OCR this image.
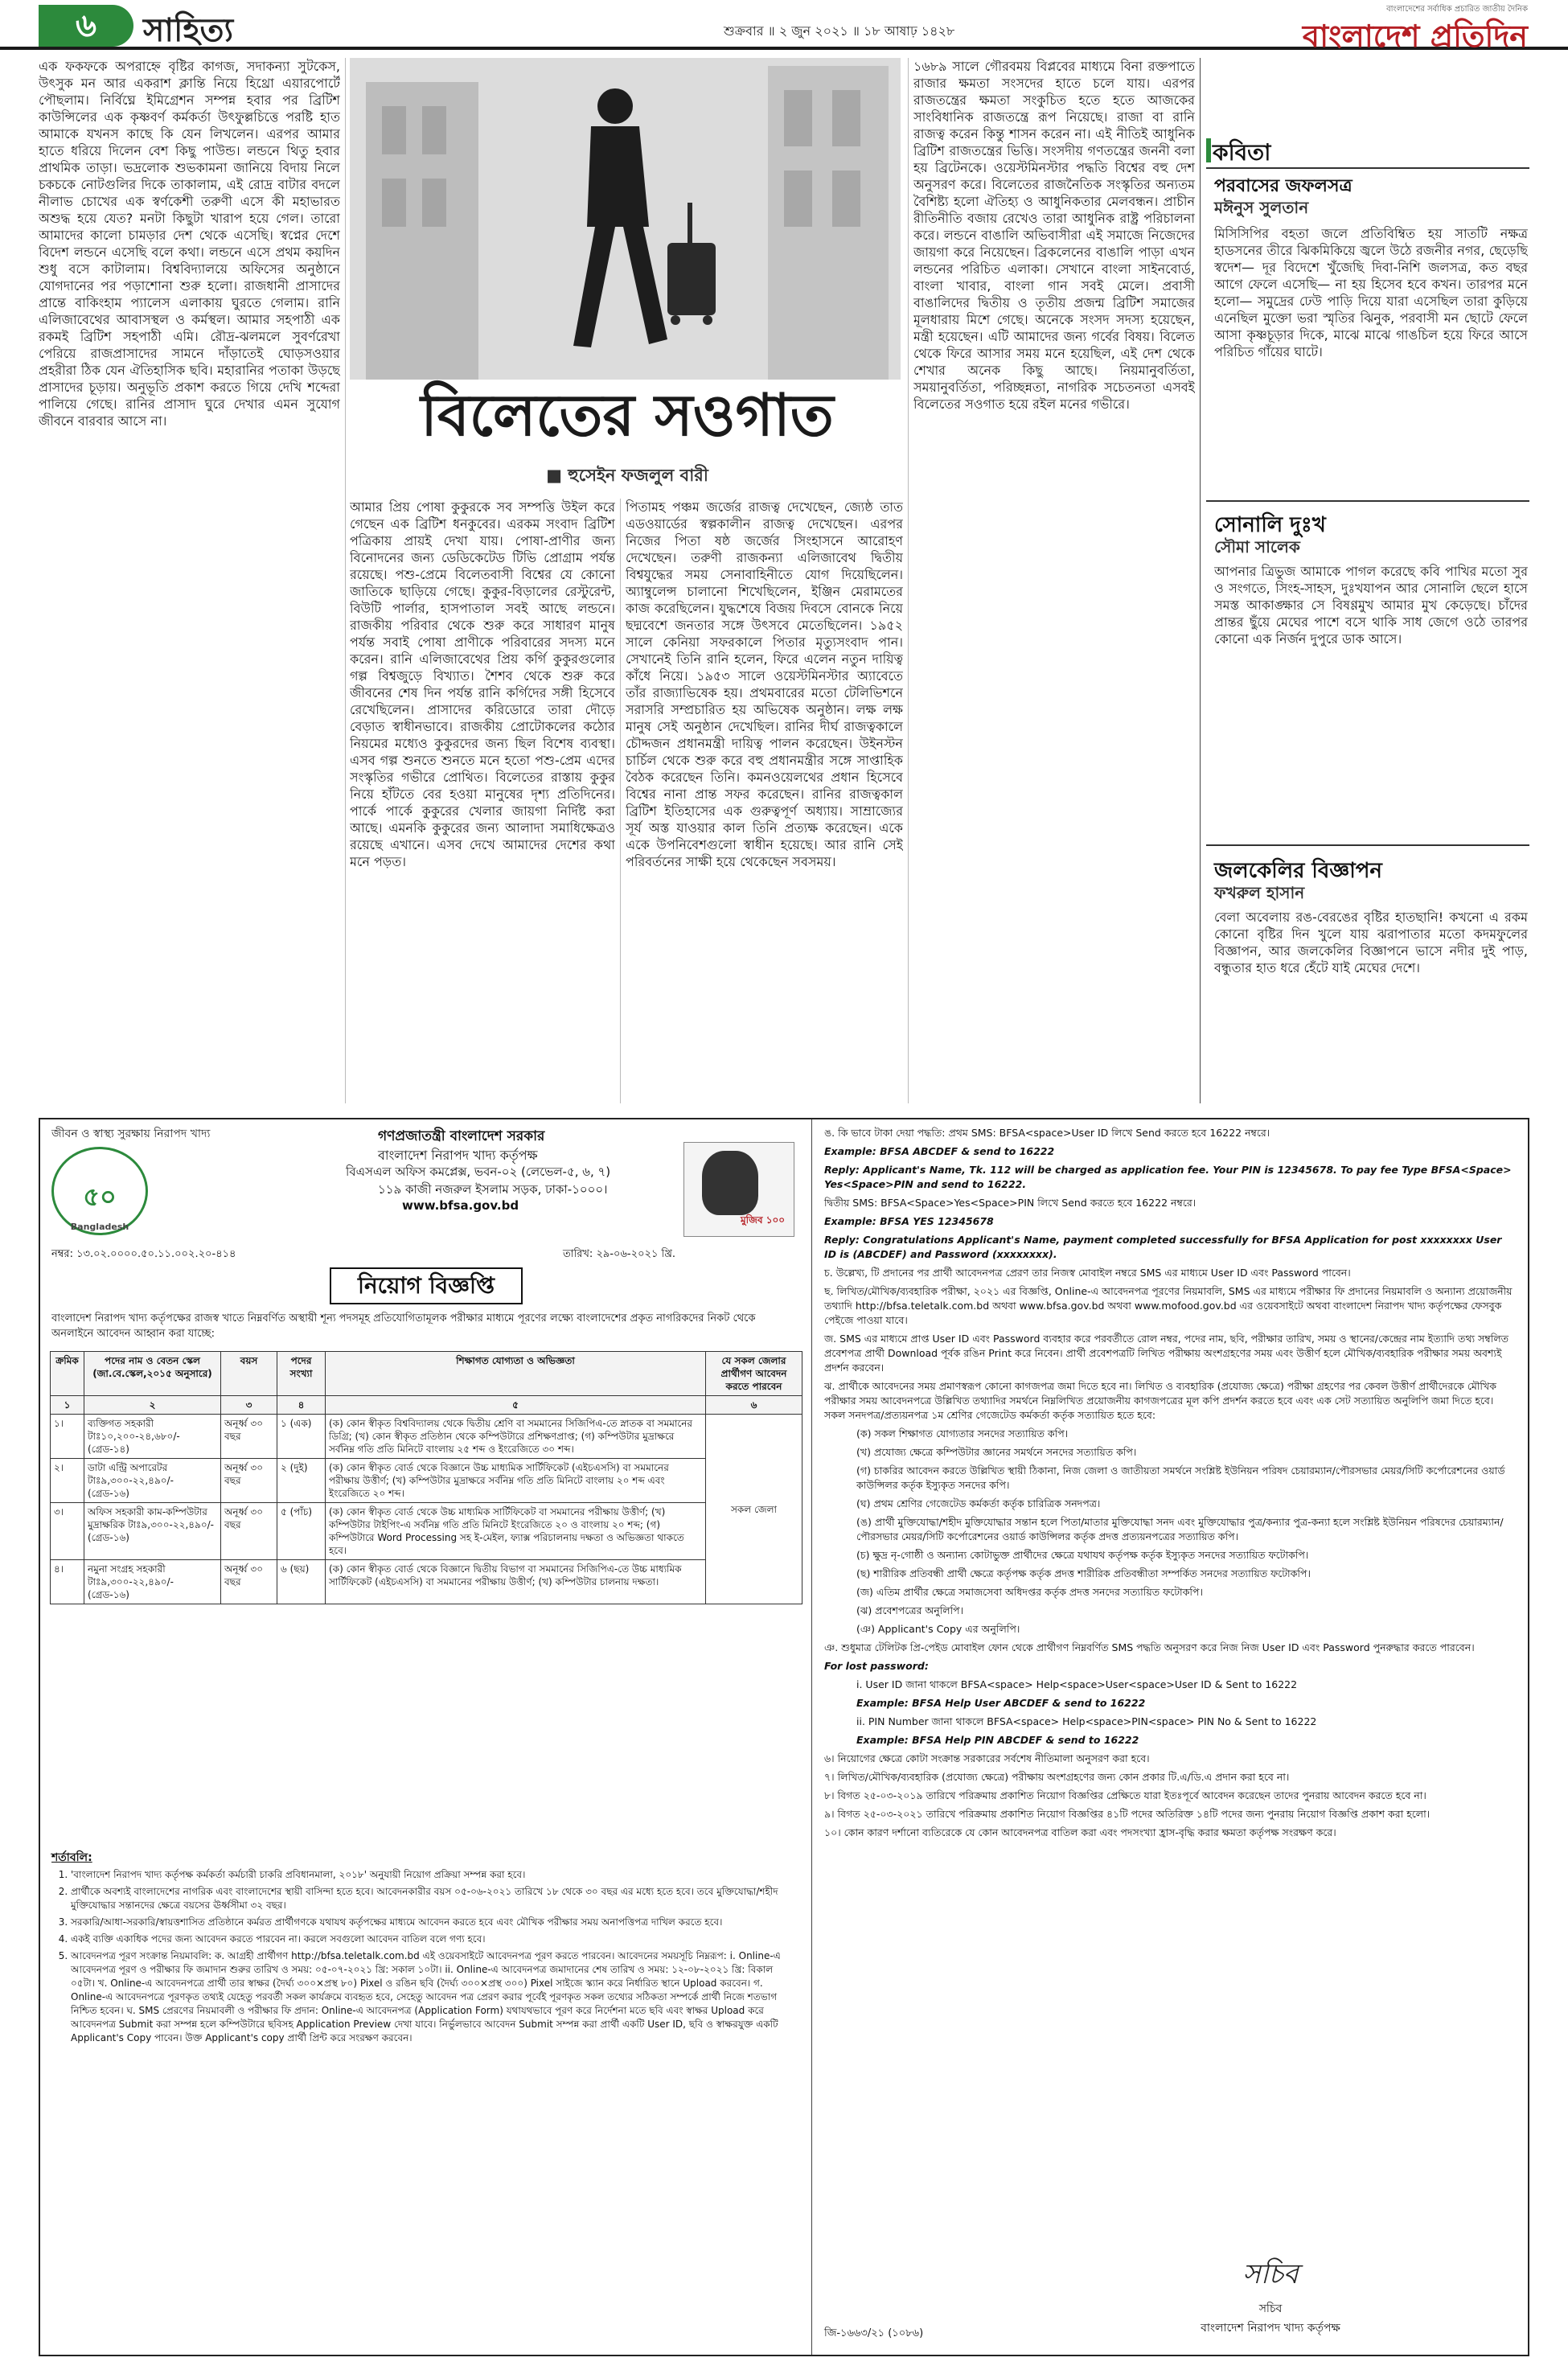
৬	সাহিত্য	শুক্রবার ॥ ২ জুন ২০২১ ॥ ১৮ আষাঢ় ১৪২৮
বাংলাদেশের সর্বাধিক প্রচারিত জাতীয় দৈনিক
বাংলাদেশ প্রতিদিন
এক ফকফকে অপরাহ্নে বৃষ্টির কাগজ, সদাকন্যা সুটকেস, উৎসুক মন আর একরাশ ক্লান্তি নিয়ে হিথ্রো এয়ারপোর্টে পৌছলাম। নির্বিঘ্নে ইমিগ্রেশন সম্পন্ন হবার পর ব্রিটিশ কাউন্সিলের এক কৃষ্ণবর্ণ কর্মকর্তা উৎফুল্লচিত্তে পরষ্টি হাত আমাকে যখনস কাছে কি যেন লিখলেন। এরপর আমার হাতে ধরিয়ে দিলেন বেশ কিছু পাউন্ড। লন্ডনে থিতু হবার প্রাথমিক তাড়া। ভদ্রলোক শুভকামনা জানিয়ে বিদায় নিলে চকচকে নোটগুলির দিকে তাকালাম, এই রোদ্র বাটার বদলে নীলাভ চোখের এক স্বর্ণকেশী তরুণী এসে কী মহাভারত অশুদ্ধ হয়ে যেত? মনটা কিছুটা খারাপ হয়ে গেল। তারো আমাদের কালো চামড়ার দেশ থেকে এসেছি। স্বপ্নের দেশে বিদেশ লন্ডনে এসেছি বলে কথা। লন্ডনে এসে প্রথম কয়দিন শুধু বসে কাটালাম। বিশ্ববিদ্যালয়ে অফিসের অনুষ্ঠানে যোগদানের পর পড়াশোনা শুরু হলো। রাজধানী প্রাসাদের প্রান্তে বাকিংহাম প্যালেস এলাকায় ঘুরতে গেলাম। রানি এলিজাবেথের আবাসস্থল ও কর্মস্থল। আমার সহপাঠী এক রকমই ব্রিটিশ সহপাঠী এমি। রৌদ্র-ঝলমলে সুবর্ণরেখা পেরিয়ে রাজপ্রাসাদের সামনে দাঁড়াতেই ঘোড়সওয়ার প্রহরীরা ঠিক যেন ঐতিহাসিক ছবি। মহারানির পতাকা উড়ছে প্রাসাদের চূড়ায়। অনুভূতি প্রকাশ করতে গিয়ে দেখি শব্দেরা পালিয়ে গেছে। রানির প্রাসাদ ঘুরে দেখার এমন সুযোগ জীবনে বারবার আসে না।	বিলেতের সওগাত
■ হুসেইন ফজলুল বারী
আমার প্রিয় পোষা কুকুরকে সব সম্পত্তি উইল করে গেছেন এক ব্রিটিশ ধনকুবের। এরকম সংবাদ ব্রিটিশ পত্রিকায় প্রায়ই দেখা যায়। পোষা-প্রাণীর জন্য বিনোদনের জন্য ডেডিকেটেড টিভি প্রোগ্রাম পর্যন্ত রয়েছে। পশু-প্রেমে বিলেতবাসী বিশ্বের যে কোনো জাতিকে ছাড়িয়ে গেছে। কুকুর-বিড়ালের রেস্টুরেন্ট, বিউটি পার্লার, হাসপাতাল সবই আছে লন্ডনে। রাজকীয় পরিবার থেকে শুরু করে সাধারণ মানুষ পর্যন্ত সবাই পোষা প্রাণীকে পরিবারের সদস্য মনে করেন। রানি এলিজাবেথের প্রিয় কর্গি কুকুরগুলোর গল্প বিশ্বজুড়ে বিখ্যাত। শৈশব থেকে শুরু করে জীবনের শেষ দিন পর্যন্ত রানি কর্গিদের সঙ্গী হিসেবে রেখেছিলেন। প্রাসাদের করিডোরে তারা দৌড়ে বেড়াত স্বাধীনভাবে। রাজকীয় প্রোটোকলের কঠোর নিয়মের মধ্যেও কুকুরদের জন্য ছিল বিশেষ ব্যবস্থা। এসব গল্প শুনতে শুনতে মনে হতো পশু-প্রেম এদের সংস্কৃতির গভীরে প্রোথিত। বিলেতের রাস্তায় কুকুর নিয়ে হাঁটতে বের হওয়া মানুষের দৃশ্য প্রতিদিনের। পার্কে পার্কে কুকুরের খেলার জায়গা নির্দিষ্ট করা আছে। এমনকি কুকুরের জন্য আলাদা সমাধিক্ষেত্রও রয়েছে এখানে। এসব দেখে আমাদের দেশের কথা মনে পড়ত।
পিতামহ পঞ্চম জর্জের রাজত্ব দেখেছেন, জ্যেষ্ঠ তাত এডওয়ার্ডের স্বল্পকালীন রাজত্ব দেখেছেন। এরপর নিজের পিতা ষষ্ঠ জর্জের সিংহাসনে আরোহণ দেখেছেন। তরুণী রাজকন্যা এলিজাবেথ দ্বিতীয় বিশ্বযুদ্ধের সময় সেনাবাহিনীতে যোগ দিয়েছিলেন। অ্যাম্বুলেন্স চালানো শিখেছিলেন, ইঞ্জিন মেরামতের কাজ করেছিলেন। যুদ্ধশেষে বিজয় দিবসে বোনকে নিয়ে ছদ্মবেশে জনতার সঙ্গে উৎসবে মেতেছিলেন। ১৯৫২ সালে কেনিয়া সফরকালে পিতার মৃত্যুসংবাদ পান। সেখানেই তিনি রানি হলেন, ফিরে এলেন নতুন দায়িত্ব কাঁধে নিয়ে। ১৯৫৩ সালে ওয়েস্টমিনস্টার অ্যাবেতে তাঁর রাজ্যাভিষেক হয়। প্রথমবারের মতো টেলিভিশনে সরাসরি সম্প্রচারিত হয় অভিষেক অনুষ্ঠান। লক্ষ লক্ষ মানুষ সেই অনুষ্ঠান দেখেছিল। রানির দীর্ঘ রাজত্বকালে চৌদ্দজন প্রধানমন্ত্রী দায়িত্ব পালন করেছেন। উইনস্টন চার্চিল থেকে শুরু করে বহু প্রধানমন্ত্রীর সঙ্গে সাপ্তাহিক বৈঠক করেছেন তিনি। কমনওয়েলথের প্রধান হিসেবে বিশ্বের নানা প্রান্ত সফর করেছেন। রানির রাজত্বকাল ব্রিটিশ ইতিহাসের এক গুরুত্বপূর্ণ অধ্যায়। সাম্রাজ্যের সূর্য অস্ত যাওয়ার কাল তিনি প্রত্যক্ষ করেছেন। একে একে উপনিবেশগুলো স্বাধীন হয়েছে। আর রানি সেই পরিবর্তনের সাক্ষী হয়ে থেকেছেন সবসময়।
১৬৮৯ সালে গৌরবময় বিপ্লবের মাধ্যমে বিনা রক্তপাতে রাজার ক্ষমতা সংসদের হাতে চলে যায়। এরপর রাজতন্ত্রের ক্ষমতা সংকুচিত হতে হতে আজকের সাংবিধানিক রাজতন্ত্রে রূপ নিয়েছে। রাজা বা রানি রাজত্ব করেন কিন্তু শাসন করেন না। এই নীতিই আধুনিক ব্রিটিশ রাজতন্ত্রের ভিত্তি। সংসদীয় গণতন্ত্রের জননী বলা হয় ব্রিটেনকে। ওয়েস্টমিনস্টার পদ্ধতি বিশ্বের বহু দেশ অনুসরণ করে। বিলেতের রাজনৈতিক সংস্কৃতির অন্যতম বৈশিষ্ট্য হলো ঐতিহ্য ও আধুনিকতার মেলবন্ধন। প্রাচীন রীতিনীতি বজায় রেখেও তারা আধুনিক রাষ্ট্র পরিচালনা করে। লন্ডনে বাঙালি অভিবাসীরা এই সমাজে নিজেদের জায়গা করে নিয়েছেন। ব্রিকলেনের বাঙালি পাড়া এখন লন্ডনের পরিচিত এলাকা। সেখানে বাংলা সাইনবোর্ড, বাংলা খাবার, বাংলা গান সবই মেলে। প্রবাসী বাঙালিদের দ্বিতীয় ও তৃতীয় প্রজন্ম ব্রিটিশ সমাজের মূলধারায় মিশে গেছে। অনেকে সংসদ সদস্য হয়েছেন, মন্ত্রী হয়েছেন। এটি আমাদের জন্য গর্বের বিষয়। বিলেত থেকে ফিরে আসার সময় মনে হয়েছিল, এই দেশ থেকে শেখার অনেক কিছু আছে। নিয়মানুবর্তিতা, সময়ানুবর্তিতা, পরিচ্ছন্নতা, নাগরিক সচেতনতা এসবই বিলেতের সওগাত হয়ে রইল মনের গভীরে।
কবিতা
পরবাসের জফলসত্র
মঈনুস সুলতান
মিসিসিপির বহতা জলে প্রতিবিম্বিত হয় সাতটি নক্ষত্র হাডসনের তীরে ঝিকমিকিয়ে জ্বলে উঠে রজনীর নগর, ছেড়েছি স্বদেশ— দূর বিদেশে খুঁজেছি দিবা-নিশি জলসত্র, কত বছর আগে ফেলে এসেছি— না হয় হিসেব হবে কখন। তারপর মনে হলো— সমুদ্রের ঢেউ পাড়ি দিয়ে যারা এসেছিল তারা কুড়িয়ে এনেছিল মুক্তো ভরা স্মৃতির ঝিনুক, পরবাসী মন ছোটে ফেলে আসা কৃষ্ণচূড়ার দিকে, মাঝে মাঝে গাঙচিল হয়ে ফিরে আসে পরিচিত গাঁয়ের ঘাটে।
সোনালি দুঃখ
সৌমা সালেক
আপনার ত্রিভুজ আমাকে পাগল করেছে কবি পাখির মতো সুর ও সংগতে, সিংহ-সাহস, দুঃখযাপন আর সোনালি ছেলে হাসে সমস্ত আকাঙ্ক্ষার সে বিষণ্ণমুখ আমার মুখ কেড়েছে। চাঁদের প্রান্তর ছুঁয়ে মেঘের পাশে বসে থাকি সাধ জেগে ওঠে তারপর কোনো এক নির্জন দুপুরে ডাক আসে।
জলকেলির বিজ্ঞাপন
ফখরুল হাসান
বেলা অবেলায় রঙ-বেরঙের বৃষ্টির হাতছানি! কখনো এ রকম কোনো বৃষ্টির দিন খুলে যায় ঝরাপাতার মতো কদমফুলের বিজ্ঞাপন, আর জলকেলির বিজ্ঞাপনে ভাসে নদীর দুই পাড়, বন্ধুতার হাত ধরে হেঁটে যাই মেঘের দেশে।
জীবন ও স্বাস্থ্য সুরক্ষায় নিরাপদ খাদ্য
৫০
Bangladesh
গণপ্রজাতন্ত্রী বাংলাদেশ সরকার
বাংলাদেশ নিরাপদ খাদ্য কর্তৃপক্ষ
বিএসএল অফিস কমপ্লেক্স, ভবন-০২ (লেভেল-৫, ৬, ৭)
১১৯ কাজী নজরুল ইসলাম সড়ক, ঢাকা-১০০০।
www.bfsa.gov.bd
মুজিব ১০০
নম্বর: ১৩.০২.০০০০.৫০.১১.০০২.২০-৪১৪	তারিখ: ২৯-০৬-২০২১ খ্রি.
নিয়োগ বিজ্ঞপ্তি
বাংলাদেশ নিরাপদ খাদ্য কর্তৃপক্ষের রাজস্ব খাতে নিম্নবর্ণিত অস্থায়ী শূন্য পদসমূহ প্রতিযোগিতামূলক পরীক্ষার মাধ্যমে পূরণের লক্ষ্যে বাংলাদেশের প্রকৃত নাগরিকদের নিকট থেকে অনলাইনে আবেদন আহ্বান করা যাচ্ছে:
ক্রমিক	পদের নাম ও বেতন স্কেল (জা.বে.স্কেল,২০১৫ অনুসারে)	বয়স	পদের সংখ্যা	শিক্ষাগত যোগ্যতা ও অভিজ্ঞতা	যে সকল জেলার প্রার্থীগণ আবেদন করতে পারবেন
১	২	৩	৪	৫	৬
১।	ব্যক্তিগত সহকারী টাঃ১০,২০০-২৪,৬৮০/- (গ্রেড-১৪)	অনূর্ধ্ব ৩০ বছর	১ (এক)	(ক) কোন স্বীকৃত বিশ্ববিদ্যালয় থেকে দ্বিতীয় শ্রেণি বা সমমানের সিজিপিএ-তে স্নাতক বা সমমানের ডিগ্রি; (খ) কোন স্বীকৃত প্রতিষ্ঠান থেকে কম্পিউটারে প্রশিক্ষণপ্রাপ্ত; (গ) কম্পিউটার মুদ্রাক্ষরে সর্বনিম্ন গতি প্রতি মিনিটে বাংলায় ২৫ শব্দ ও ইংরেজিতে ৩০ শব্দ।	সকল জেলা
২।	ডাটা এন্ট্রি অপারেটর টাঃ৯,৩০০-২২,৪৯০/- (গ্রেড-১৬)	অনূর্ধ্ব ৩০ বছর	২ (দুই)	(ক) কোন স্বীকৃত বোর্ড থেকে বিজ্ঞানে উচ্চ মাধ্যমিক সার্টিফিকেট (এইচএসসি) বা সমমানের পরীক্ষায় উত্তীর্ণ; (খ) কম্পিউটার মুদ্রাক্ষরে সর্বনিম্ন গতি প্রতি মিনিটে বাংলায় ২০ শব্দ এবং ইংরেজিতে ২০ শব্দ।	
৩।	অফিস সহকারী কাম-কম্পিউটার মুদ্রাক্ষরিক টাঃ৯,৩০০-২২,৪৯০/- (গ্রেড-১৬)	অনূর্ধ্ব ৩০ বছর	৫ (পাঁচ)	(ক) কোন স্বীকৃত বোর্ড থেকে উচ্চ মাধ্যমিক সার্টিফিকেট বা সমমানের পরীক্ষায় উত্তীর্ণ; (খ) কম্পিউটার টাইপিং-এ সর্বনিম্ন গতি প্রতি মিনিটে ইংরেজিতে ২০ ও বাংলায় ২০ শব্দ; (গ) কম্পিউটারে Word Processing সহ ই-মেইল, ফ্যাক্স পরিচালনায় দক্ষতা ও অভিজ্ঞতা থাকতে হবে।	
৪।	নমুনা সংগ্রহ সহকারী টাঃ৯,৩০০-২২,৪৯০/- (গ্রেড-১৬)	অনূর্ধ্ব ৩০ বছর	৬ (ছয়)	(ক) কোন স্বীকৃত বোর্ড থেকে বিজ্ঞানে দ্বিতীয় বিভাগ বা সমমানের সিজিপিএ-তে উচ্চ মাধ্যমিক সার্টিফিকেট (এইচএসসি) বা সমমানের পরীক্ষায় উত্তীর্ণ; (খ) কম্পিউটার চালনায় দক্ষতা।	
শর্তাবলি:
1. 'বাংলাদেশ নিরাপদ খাদ্য কর্তৃপক্ষ কর্মকর্তা কর্মচারী চাকরি প্রবিধানমালা, ২০১৮' অনুযায়ী নিয়োগ প্রক্রিয়া সম্পন্ন করা হবে।
2. প্রার্থীকে অবশ্যই বাংলাদেশের নাগরিক এবং বাংলাদেশের স্থায়ী বাসিন্দা হতে হবে। আবেদনকারীর বয়স ০৫-০৬-২০২১ তারিখে ১৮ থেকে ৩০ বছর এর মধ্যে হতে হবে। তবে মুক্তিযোদ্ধা/শহীদ মুক্তিযোদ্ধার সন্তানদের ক্ষেত্রে বয়সের ঊর্ধ্বসীমা ৩২ বছর।
3. সরকারি/আধা-সরকারি/স্বায়ত্তশাসিত প্রতিষ্ঠানে কর্মরত প্রার্থীগণকে যথাযথ কর্তৃপক্ষের মাধ্যমে আবেদন করতে হবে এবং মৌখিক পরীক্ষার সময় অনাপত্তিপত্র দাখিল করতে হবে।
4. একই ব্যক্তি একাধিক পদের জন্য আবেদন করতে পারবেন না। করলে সবগুলো আবেদন বাতিল বলে গণ্য হবে।
5. আবেদনপত্র পূরণ সংক্রান্ত নিয়মাবলি: ক. আগ্রহী প্রার্থীগণ http://bfsa.teletalk.com.bd এই ওয়েবসাইটে আবেদনপত্র পূরণ করতে পারবেন। আবেদনের সময়সূচি নিম্নরূপ: i. Online-এ আবেদনপত্র পূরণ ও পরীক্ষার ফি জমাদান শুরুর তারিখ ও সময়: ০৫-০৭-২০২১ খ্রি: সকাল ১০টা। ii. Online-এ আবেদনপত্র জমাদানের শেষ তারিখ ও সময়: ১২-০৮-২০২১ খ্রি: বিকাল ০৫টা। খ. Online-এ আবেদনপত্রে প্রার্থী তার স্বাক্ষর (দৈর্ঘ্য ৩০০×প্রস্থ ৮০) Pixel ও রঙিন ছবি (দৈর্ঘ্য ৩০০×প্রস্থ ৩০০) Pixel সাইজে স্ক্যান করে নির্ধারিত স্থানে Upload করবেন। গ. Online-এ আবেদনপত্রে পূরণকৃত তথ্যই যেহেতু পরবর্তী সকল কার্যক্রমে ব্যবহৃত হবে, সেহেতু আবেদন পত্র প্রেরণ করার পূর্বেই পূরণকৃত সকল তথ্যের সঠিকতা সম্পর্কে প্রার্থী নিজে শতভাগ নিশ্চিত হবেন। ঘ. SMS প্রেরণের নিয়মাবলী ও পরীক্ষার ফি প্রদান: Online-এ আবেদনপত্র (Application Form) যথাযথভাবে পূরণ করে নির্দেশনা মতে ছবি এবং স্বাক্ষর Upload করে আবেদনপত্র Submit করা সম্পন্ন হলে কম্পিউটারে ছবিসহ Application Preview দেখা যাবে। নির্ভুলভাবে আবেদন Submit সম্পন্ন করা প্রার্থী একটি User ID, ছবি ও স্বাক্ষরযুক্ত একটি Applicant's Copy পাবেন। উক্ত Applicant's copy প্রার্থী প্রিন্ট করে সংরক্ষণ করবেন।

ঙ. কি ভাবে টাকা দেয়া পদ্ধতি: প্রথম SMS: BFSA<space>User ID লিখে Send করতে হবে 16222 নম্বরে।

Example: BFSA ABCDEF & send to 16222

Reply: Applicant's Name, Tk. 112 will be charged as application fee. Your PIN is 12345678. To pay fee Type BFSA<Space> Yes<Space>PIN and send to 16222.

দ্বিতীয় SMS: BFSA<Space>Yes<Space>PIN লিখে Send করতে হবে 16222 নম্বরে।

Example: BFSA YES 12345678

Reply: Congratulations Applicant's Name, payment completed successfully for BFSA Application for post xxxxxxxx User ID is (ABCDEF) and Password (xxxxxxxx).

চ. উল্লেখ্য, টি প্রদানের পর প্রার্থী আবেদনপত্র প্রেরণ তার নিজস্ব মোবাইল নম্বরে SMS এর মাধ্যমে User ID এবং Password পাবেন।

ছ. লিখিত/মৌখিক/ব্যবহারিক পরীক্ষা, ২০২১ এর বিজ্ঞপ্তি, Online-এ আবেদনপত্র পূরণের নিয়মাবলি, SMS এর মাধ্যমে পরীক্ষার ফি প্রদানের নিয়মাবলি ও অন্যান্য প্রয়োজনীয় তথ্যাদি http://bfsa.teletalk.com.bd অথবা www.bfsa.gov.bd অথবা www.mofood.gov.bd এর ওয়েবসাইটে অথবা বাংলাদেশ নিরাপদ খাদ্য কর্তৃপক্ষের ফেসবুক পেইজে পাওয়া যাবে।

জ. SMS এর মাধ্যমে প্রাপ্ত User ID এবং Password ব্যবহার করে পরবর্তীতে রোল নম্বর, পদের নাম, ছবি, পরীক্ষার তারিখ, সময় ও স্থানের/কেন্দ্রের নাম ইত্যাদি তথ্য সম্বলিত প্রবেশপত্র প্রার্থী Download পূর্বক রঙিন Print করে নিবেন। প্রার্থী প্রবেশপত্রটি লিখিত পরীক্ষায় অংশগ্রহণের সময় এবং উত্তীর্ণ হলে মৌখিক/ব্যবহারিক পরীক্ষার সময় অবশ্যই প্রদর্শন করবেন।

ঝ. প্রার্থীকে আবেদনের সময় প্রমাণস্বরূপ কোনো কাগজপত্র জমা দিতে হবে না। লিখিত ও ব্যবহারিক (প্রযোজ্য ক্ষেত্রে) পরীক্ষা গ্রহণের পর কেবল উত্তীর্ণ প্রার্থীদেরকে মৌখিক পরীক্ষার সময় আবেদনপত্রে উল্লিখিত তথ্যাদির সমর্থনে নিম্নলিখিত প্রয়োজনীয় কাগজপত্রের মূল কপি প্রদর্শন করতে হবে এবং এক সেট সত্যায়িত অনুলিপি জমা দিতে হবে। সকল সনদপত্র/প্রত্যয়নপত্র ১ম শ্রেণির গেজেটেড কর্মকর্তা কর্তৃক সত্যায়িত হতে হবে:

(ক) সকল শিক্ষাগত যোগ্যতার সনদের সত্যায়িত কপি।

(খ) প্রযোজ্য ক্ষেত্রে কম্পিউটার জ্ঞানের সমর্থনে সনদের সত্যায়িত কপি।

(গ) চাকরির আবেদন করতে উল্লিখিত স্থায়ী ঠিকানা, নিজ জেলা ও জাতীয়তা সমর্থনে সংশ্লিষ্ট ইউনিয়ন পরিষদ চেয়ারম্যান/পৌরসভার মেয়র/সিটি কর্পোরেশনের ওয়ার্ড কাউন্সিলর কর্তৃক ইস্যুকৃত সনদের কপি।

(ঘ) প্রথম শ্রেণির গেজেটেড কর্মকর্তা কর্তৃক চারিত্রিক সনদপত্র।

(ঙ) প্রার্থী মুক্তিযোদ্ধা/শহীদ মুক্তিযোদ্ধার সন্তান হলে পিতা/মাতার মুক্তিযোদ্ধা সনদ এবং মুক্তিযোদ্ধার পুত্র/কন্যার পুত্র-কন্যা হলে সংশ্লিষ্ট ইউনিয়ন পরিষদের চেয়ারম্যান/পৌরসভার মেয়র/সিটি কর্পোরেশনের ওয়ার্ড কাউন্সিলর কর্তৃক প্রদত্ত প্রত্যয়নপত্রের সত্যায়িত কপি।

(চ) ক্ষুদ্র নৃ-গোষ্ঠী ও অন্যান্য কোটাভুক্ত প্রার্থীদের ক্ষেত্রে যথাযথ কর্তৃপক্ষ কর্তৃক ইস্যুকৃত সনদের সত্যায়িত ফটোকপি।

(ছ) শারীরিক প্রতিবন্ধী প্রার্থী ক্ষেত্রে কর্তৃপক্ষ কর্তৃক প্রদত্ত শারীরিক প্রতিবন্ধীতা সম্পর্কিত সনদের সত্যায়িত ফটোকপি।

(জ) এতিম প্রার্থীর ক্ষেত্রে সমাজসেবা অধিদপ্তর কর্তৃক প্রদত্ত সনদের সত্যায়িত ফটোকপি।

(ঝ) প্রবেশপত্রের অনুলিপি।

(ঞ) Applicant's Copy এর অনুলিপি।

ঞ. শুধুমাত্র টেলিটক প্রি-পেইড মোবাইল ফোন থেকে প্রার্থীগণ নিম্নবর্ণিত SMS পদ্ধতি অনুসরণ করে নিজ নিজ User ID এবং Password পুনরুদ্ধার করতে পারবেন।

For lost password:

i. User ID জানা থাকলে BFSA<space> Help<space>User<space>User ID & Sent to 16222

Example: BFSA Help User ABCDEF & send to 16222

ii. PIN Number জানা থাকলে BFSA<space> Help<space>PIN<space> PIN No & Sent to 16222

Example: BFSA Help PIN ABCDEF & send to 16222

৬। নিয়োগের ক্ষেত্রে কোটা সংক্রান্ত সরকারের সর্বশেষ নীতিমালা অনুসরণ করা হবে।

৭। লিখিত/মৌখিক/ব্যবহারিক (প্রযোজ্য ক্ষেত্রে) পরীক্ষায় অংশগ্রহণের জন্য কোন প্রকার টি.এ/ডি.এ প্রদান করা হবে না।

৮। বিগত ২৫-০৩-২০১৯ তারিখে পরিক্রমায় প্রকাশিত নিয়োগ বিজ্ঞপ্তির প্রেক্ষিতে যারা ইতঃপূর্বে আবেদন করেছেন তাদের পুনরায় আবেদন করতে হবে না।

৯। বিগত ২৫-০৩-২০২১ তারিখে পরিক্রমায় প্রকাশিত নিয়োগ বিজ্ঞপ্তির ৪১টি পদের অতিরিক্ত ১৪টি পদের জন্য পুনরায় নিয়োগ বিজ্ঞপ্তি প্রকাশ করা হলো।

১০। কোন কারণ দর্শানো ব্যতিরেকে যে কোন আবেদনপত্র বাতিল করা এবং পদসংখ্যা হ্রাস-বৃদ্ধি করার ক্ষমতা কর্তৃপক্ষ সংরক্ষণ করে।

সচিব
সচিব
বাংলাদেশ নিরাপদ খাদ্য কর্তৃপক্ষ
জি-১৬৬৩/২১ (১০৮৬)
